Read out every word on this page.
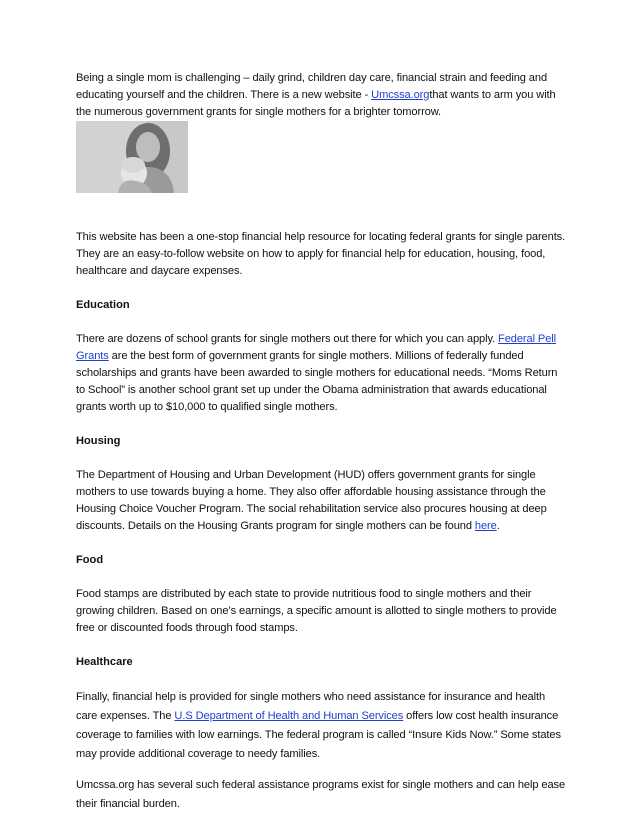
Being a single mom is challenging – daily grind, children day care, financial strain and feeding and educating yourself and the children. There is a new website - Umcssa.orgthat wants to arm you with the numerous government grants for single mothers for a brighter tomorrow.

This website has been a one-stop financial help resource for locating federal grants for single parents. They are an easy-to-follow website on how to apply for financial help for education, housing, food, healthcare and daycare expenses.

Education

There are dozens of school grants for single mothers out there for which you can apply. Federal Pell Grants are the best form of government grants for single mothers. Millions of federally funded scholarships and grants have been awarded to single mothers for educational needs. “Moms Return to School” is another school grant set up under the Obama administration that awards educational grants worth up to $10,000 to qualified single mothers.

Housing

The Department of Housing and Urban Development (HUD) offers government grants for single mothers to use towards buying a home. They also offer affordable housing assistance through the Housing Choice Voucher Program. The social rehabilitation service also procures housing at deep discounts. Details on the Housing Grants program for single mothers can be found here.

Food

Food stamps are distributed by each state to provide nutritious food to single mothers and their growing children. Based on one’s earnings, a specific amount is allotted to single mothers to provide free or discounted foods through food stamps.

Healthcare

Finally, financial help is provided for single mothers who need assistance for insurance and health care expenses. The U.S Department of Health and Human Services offers low cost health insurance coverage to families with low earnings. The federal program is called “Insure Kids Now.” Some states may provide additional coverage to needy families.

Umcssa.org has several such federal assistance programs exist for single mothers and can help ease their financial burden.
